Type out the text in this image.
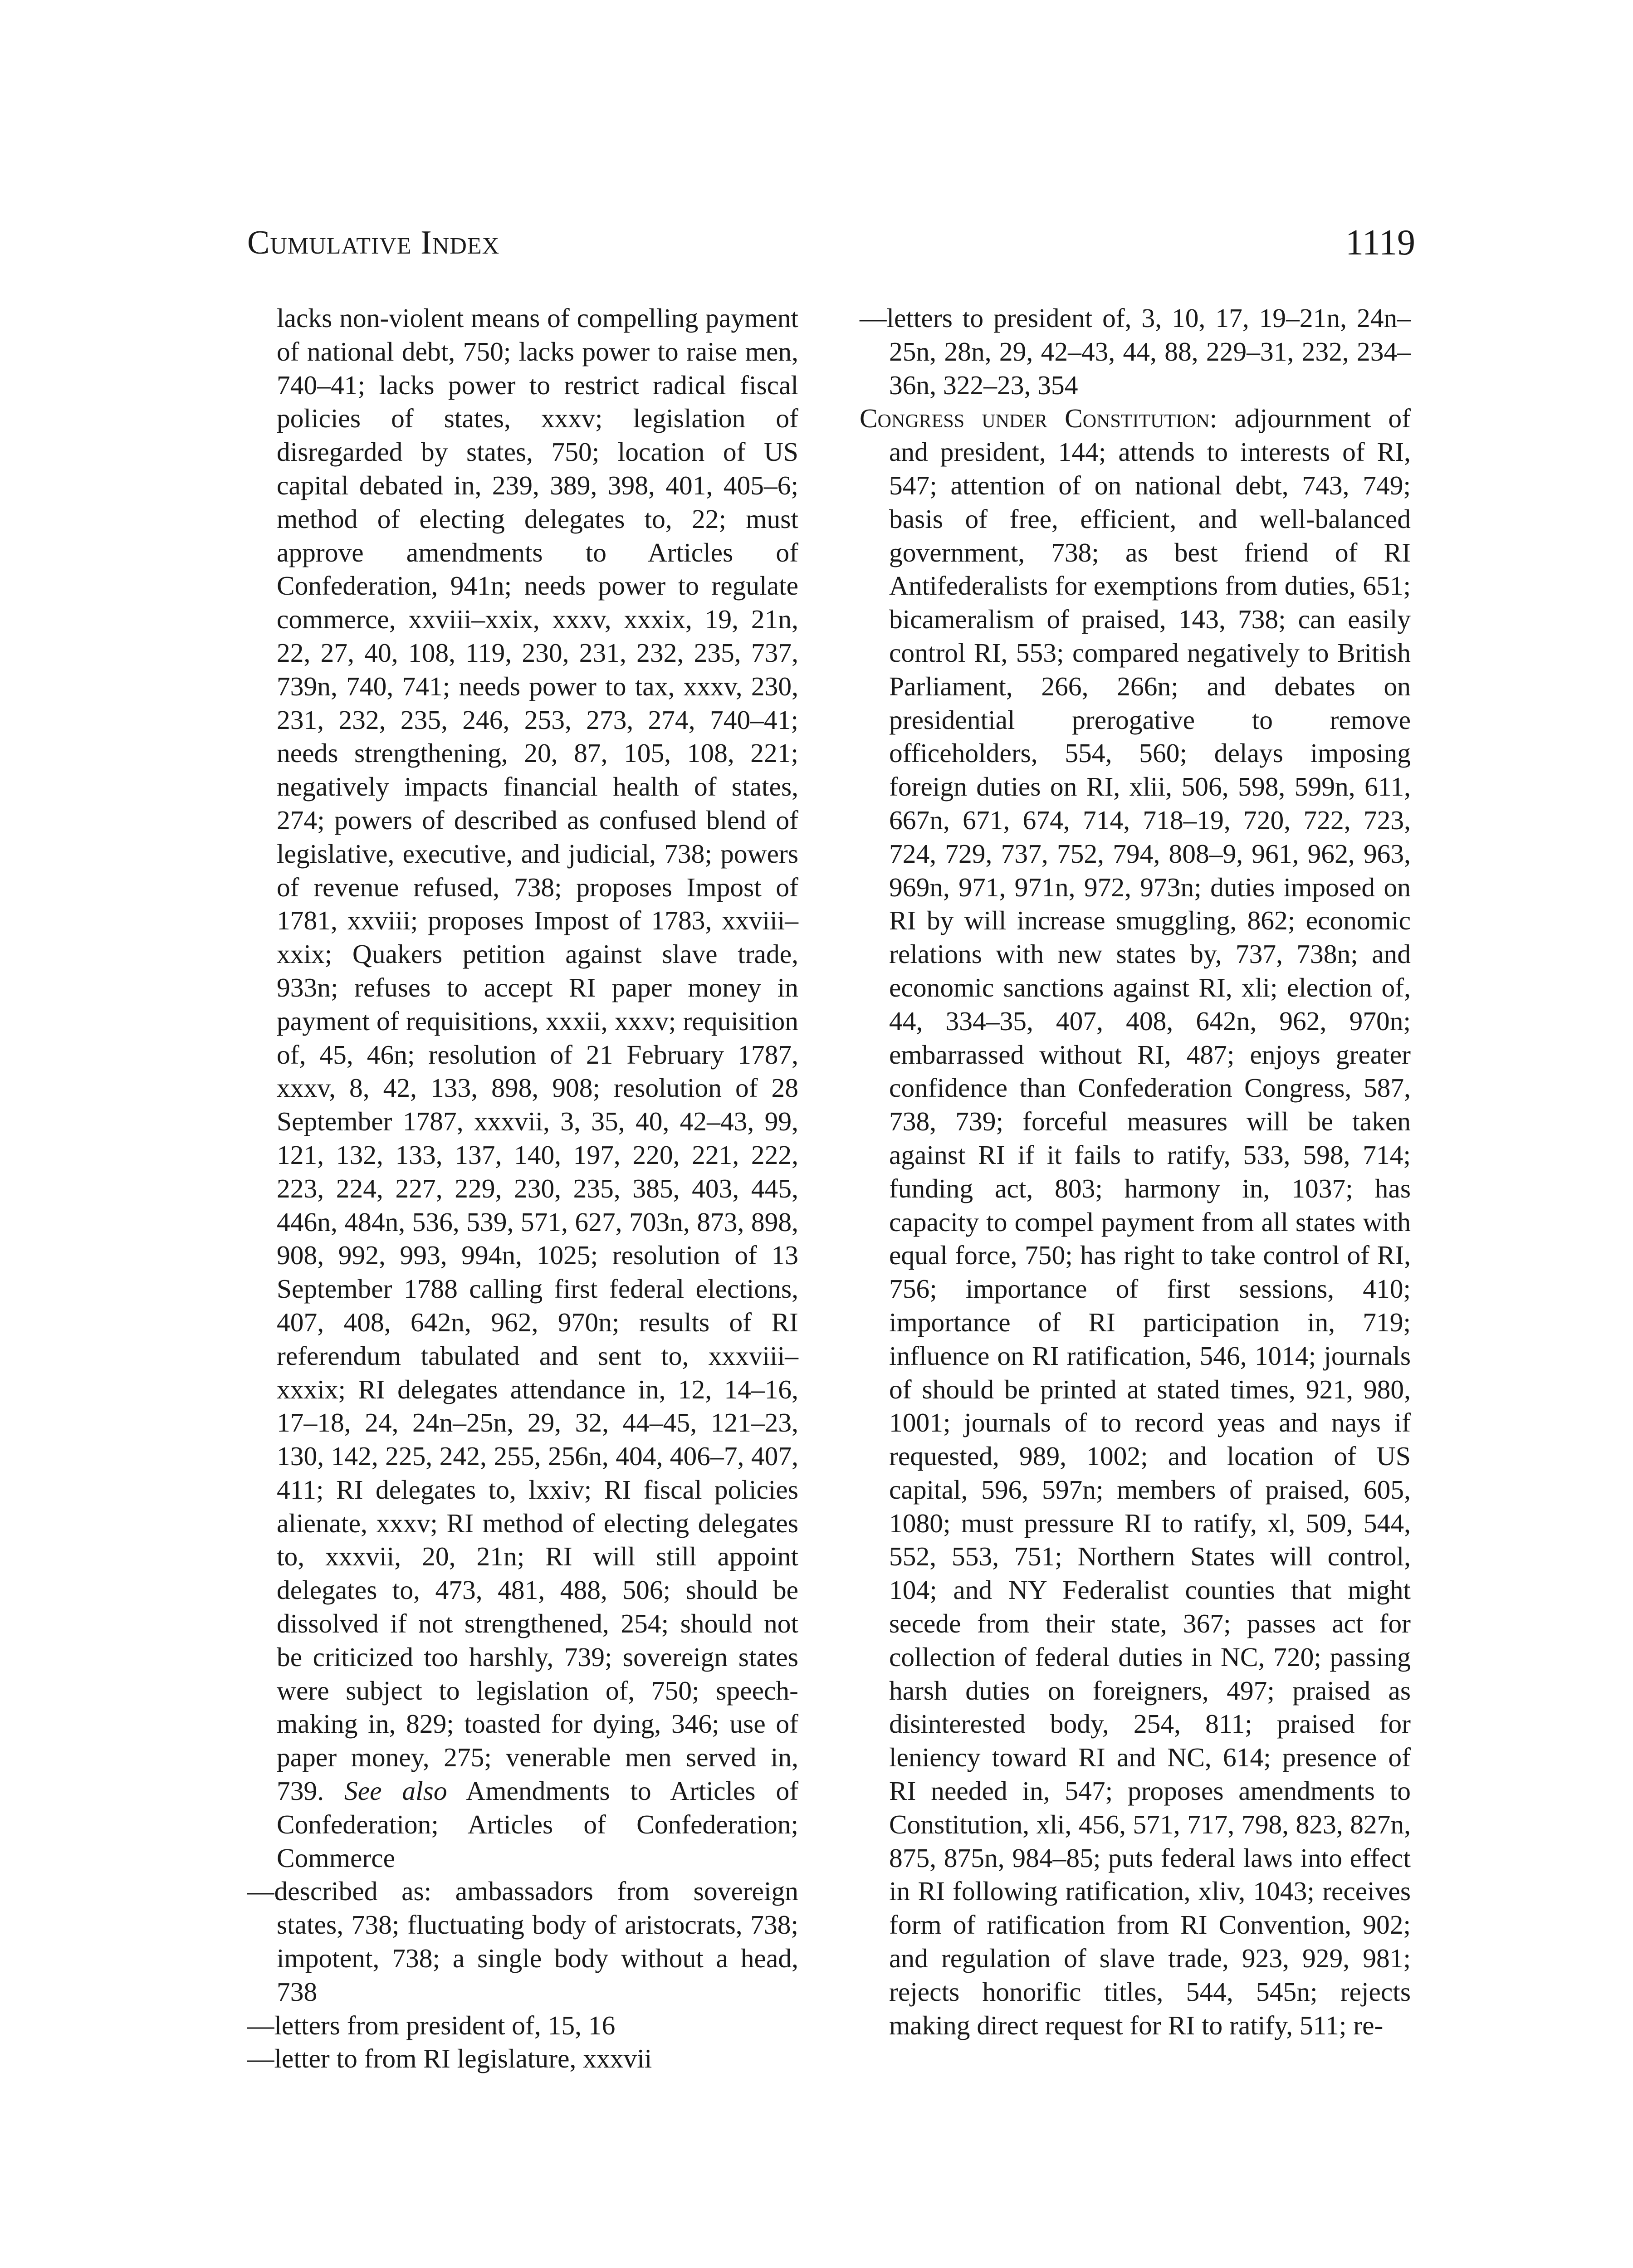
Cumulative Index	1119

lacks non-violent means of compelling payment of national debt, 750; lacks power to raise men, 740–41; lacks power to restrict radical fiscal policies of states, xxxv; legislation of disregarded by states, 750; location of US capital debated in, 239, 389, 398, 401, 405–6; method of electing delegates to, 22; must approve amendments to Articles of Confederation, 941n; needs power to regulate commerce, xxviii–xxix, xxxv, xxxix, 19, 21n, 22, 27, 40, 108, 119, 230, 231, 232, 235, 737, 739n, 740, 741; needs power to tax, xxxv, 230, 231, 232, 235, 246, 253, 273, 274, 740–41; needs strengthening, 20, 87, 105, 108, 221; negatively impacts financial health of states, 274; powers of described as confused blend of legislative, executive, and judicial, 738; powers of revenue refused, 738; proposes Impost of 1781, xxviii; proposes Impost of 1783, xxviii–xxix; Quakers petition against slave trade, 933n; refuses to accept RI paper money in payment of requisitions, xxxii, xxxv; requisition of, 45, 46n; resolution of 21 February 1787, xxxv, 8, 42, 133, 898, 908; resolution of 28 September 1787, xxxvii, 3, 35, 40, 42–43, 99, 121, 132, 133, 137, 140, 197, 220, 221, 222, 223, 224, 227, 229, 230, 235, 385, 403, 445, 446n, 484n, 536, 539, 571, 627, 703n, 873, 898, 908, 992, 993, 994n, 1025; resolution of 13 September 1788 calling first federal elections, 407, 408, 642n, 962, 970n; results of RI referendum tabulated and sent to, xxxviii–xxxix; RI delegates attendance in, 12, 14–16, 17–18, 24, 24n–25n, 29, 32, 44–45, 121–23, 130, 142, 225, 242, 255, 256n, 404, 406–7, 407, 411; RI delegates to, lxxiv; RI fiscal policies alienate, xxxv; RI method of electing delegates to, xxxvii, 20, 21n; RI will still appoint delegates to, 473, 481, 488, 506; should be dissolved if not strengthened, 254; should not be criticized too harshly, 739; sovereign states were subject to legislation of, 750; speech-making in, 829; toasted for dying, 346; use of paper money, 275; venerable men served in, 739. See also Amendments to Articles of Confederation; Articles of Confederation; Commerce

—described as: ambassadors from sovereign states, 738; fluctuating body of aristocrats, 738; impotent, 738; a single body without a head, 738

—letters from president of, 15, 16

—letter to from RI legislature, xxxvii

—letters to president of, 3, 10, 17, 19–21n, 24n–25n, 28n, 29, 42–43, 44, 88, 229–31, 232, 234–36n, 322–23, 354

Congress under Constitution: adjournment of and president, 144; attends to interests of RI, 547; attention of on national debt, 743, 749; basis of free, efficient, and well-balanced government, 738; as best friend of RI Antifederalists for exemptions from duties, 651; bicameralism of praised, 143, 738; can easily control RI, 553; compared negatively to British Parliament, 266, 266n; and debates on presidential prerogative to remove officeholders, 554, 560; delays imposing foreign duties on RI, xlii, 506, 598, 599n, 611, 667n, 671, 674, 714, 718–19, 720, 722, 723, 724, 729, 737, 752, 794, 808–9, 961, 962, 963, 969n, 971, 971n, 972, 973n; duties imposed on RI by will increase smuggling, 862; economic relations with new states by, 737, 738n; and economic sanctions against RI, xli; election of, 44, 334–35, 407, 408, 642n, 962, 970n; embarrassed without RI, 487; enjoys greater confidence than Confederation Congress, 587, 738, 739; forceful measures will be taken against RI if it fails to ratify, 533, 598, 714; funding act, 803; harmony in, 1037; has capacity to compel payment from all states with equal force, 750; has right to take control of RI, 756; importance of first sessions, 410; importance of RI participation in, 719; influence on RI ratification, 546, 1014; journals of should be printed at stated times, 921, 980, 1001; journals of to record yeas and nays if requested, 989, 1002; and location of US capital, 596, 597n; members of praised, 605, 1080; must pressure RI to ratify, xl, 509, 544, 552, 553, 751; Northern States will control, 104; and NY Federalist counties that might secede from their state, 367; passes act for collection of federal duties in NC, 720; passing harsh duties on foreigners, 497; praised as disinterested body, 254, 811; praised for leniency toward RI and NC, 614; presence of RI needed in, 547; proposes amendments to Constitution, xli, 456, 571, 717, 798, 823, 827n, 875, 875n, 984–85; puts federal laws into effect in RI following ratification, xliv, 1043; receives form of ratification from RI Convention, 902; and regulation of slave trade, 923, 929, 981; rejects honorific titles, 544, 545n; rejects making direct request for RI to ratify, 511; re-
